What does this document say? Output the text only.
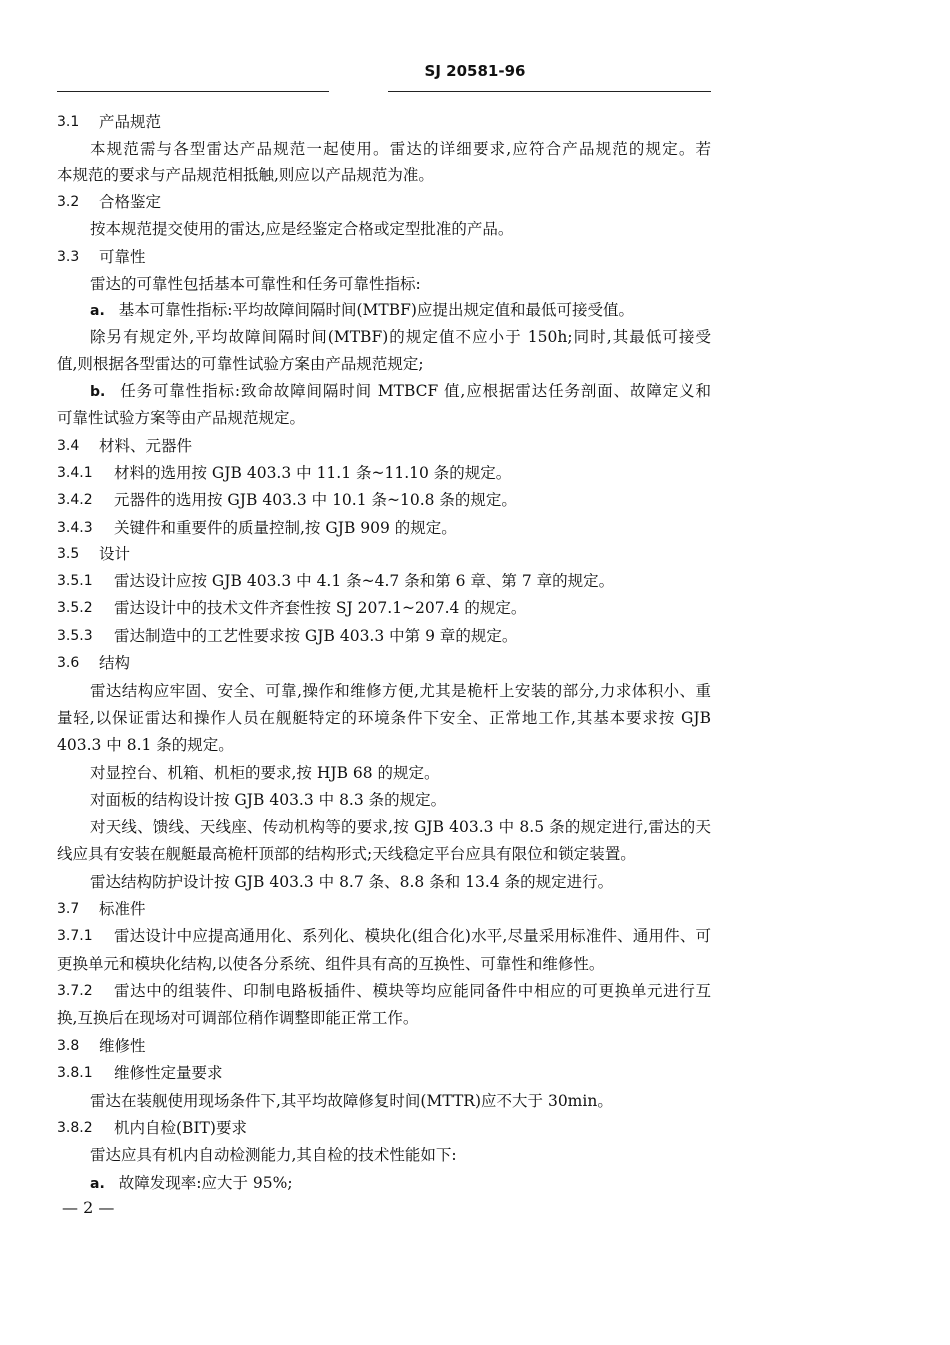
SJ 20581-96
3.1 产品规范
本规范需与各型雷达产品规范一起使用。雷达的详细要求,应符合产品规范的规定。若
本规范的要求与产品规范相抵触,则应以产品规范为准。
3.2 合格鉴定
按本规范提交使用的雷达,应是经鉴定合格或定型批准的产品。
3.3 可靠性
雷达的可靠性包括基本可靠性和任务可靠性指标:
a. 基本可靠性指标:平均故障间隔时间(MTBF)应提出规定值和最低可接受值。
除另有规定外,平均故障间隔时间(MTBF)的规定值不应小于 150h;同时,其最低可接受
值,则根据各型雷达的可靠性试验方案由产品规范规定;
b. 任务可靠性指标:致命故障间隔时间 MTBCF 值,应根据雷达任务剖面、故障定义和
可靠性试验方案等由产品规范规定。
3.4 材料、元器件
3.4.1 材料的选用按 GJB 403.3 中 11.1 条~11.10 条的规定。
3.4.2 元器件的选用按 GJB 403.3 中 10.1 条~10.8 条的规定。
3.4.3 关键件和重要件的质量控制,按 GJB 909 的规定。
3.5 设计
3.5.1 雷达设计应按 GJB 403.3 中 4.1 条~4.7 条和第 6 章、第 7 章的规定。
3.5.2 雷达设计中的技术文件齐套性按 SJ 207.1~207.4 的规定。
3.5.3 雷达制造中的工艺性要求按 GJB 403.3 中第 9 章的规定。
3.6 结构
雷达结构应牢固、安全、可靠,操作和维修方便,尤其是桅杆上安装的部分,力求体积小、重
量轻,以保证雷达和操作人员在舰艇特定的环境条件下安全、正常地工作,其基本要求按 GJB
403.3 中 8.1 条的规定。
对显控台、机箱、机柜的要求,按 HJB 68 的规定。
对面板的结构设计按 GJB 403.3 中 8.3 条的规定。
对天线、馈线、天线座、传动机构等的要求,按 GJB 403.3 中 8.5 条的规定进行,雷达的天
线应具有安装在舰艇最高桅杆顶部的结构形式;天线稳定平台应具有限位和锁定装置。
雷达结构防护设计按 GJB 403.3 中 8.7 条、8.8 条和 13.4 条的规定进行。
3.7 标准件
3.7.1 雷达设计中应提高通用化、系列化、模块化(组合化)水平,尽量采用标准件、通用件、可
更换单元和模块化结构,以使各分系统、组件具有高的互换性、可靠性和维修性。
3.7.2 雷达中的组装件、印制电路板插件、模块等均应能同备件中相应的可更换单元进行互
换,互换后在现场对可调部位稍作调整即能正常工作。
3.8 维修性
3.8.1 维修性定量要求
雷达在装舰使用现场条件下,其平均故障修复时间(MTTR)应不大于 30min。
3.8.2 机内自检(BIT)要求
雷达应具有机内自动检测能力,其自检的技术性能如下:
a. 故障发现率:应大于 95%;
— 2 —
